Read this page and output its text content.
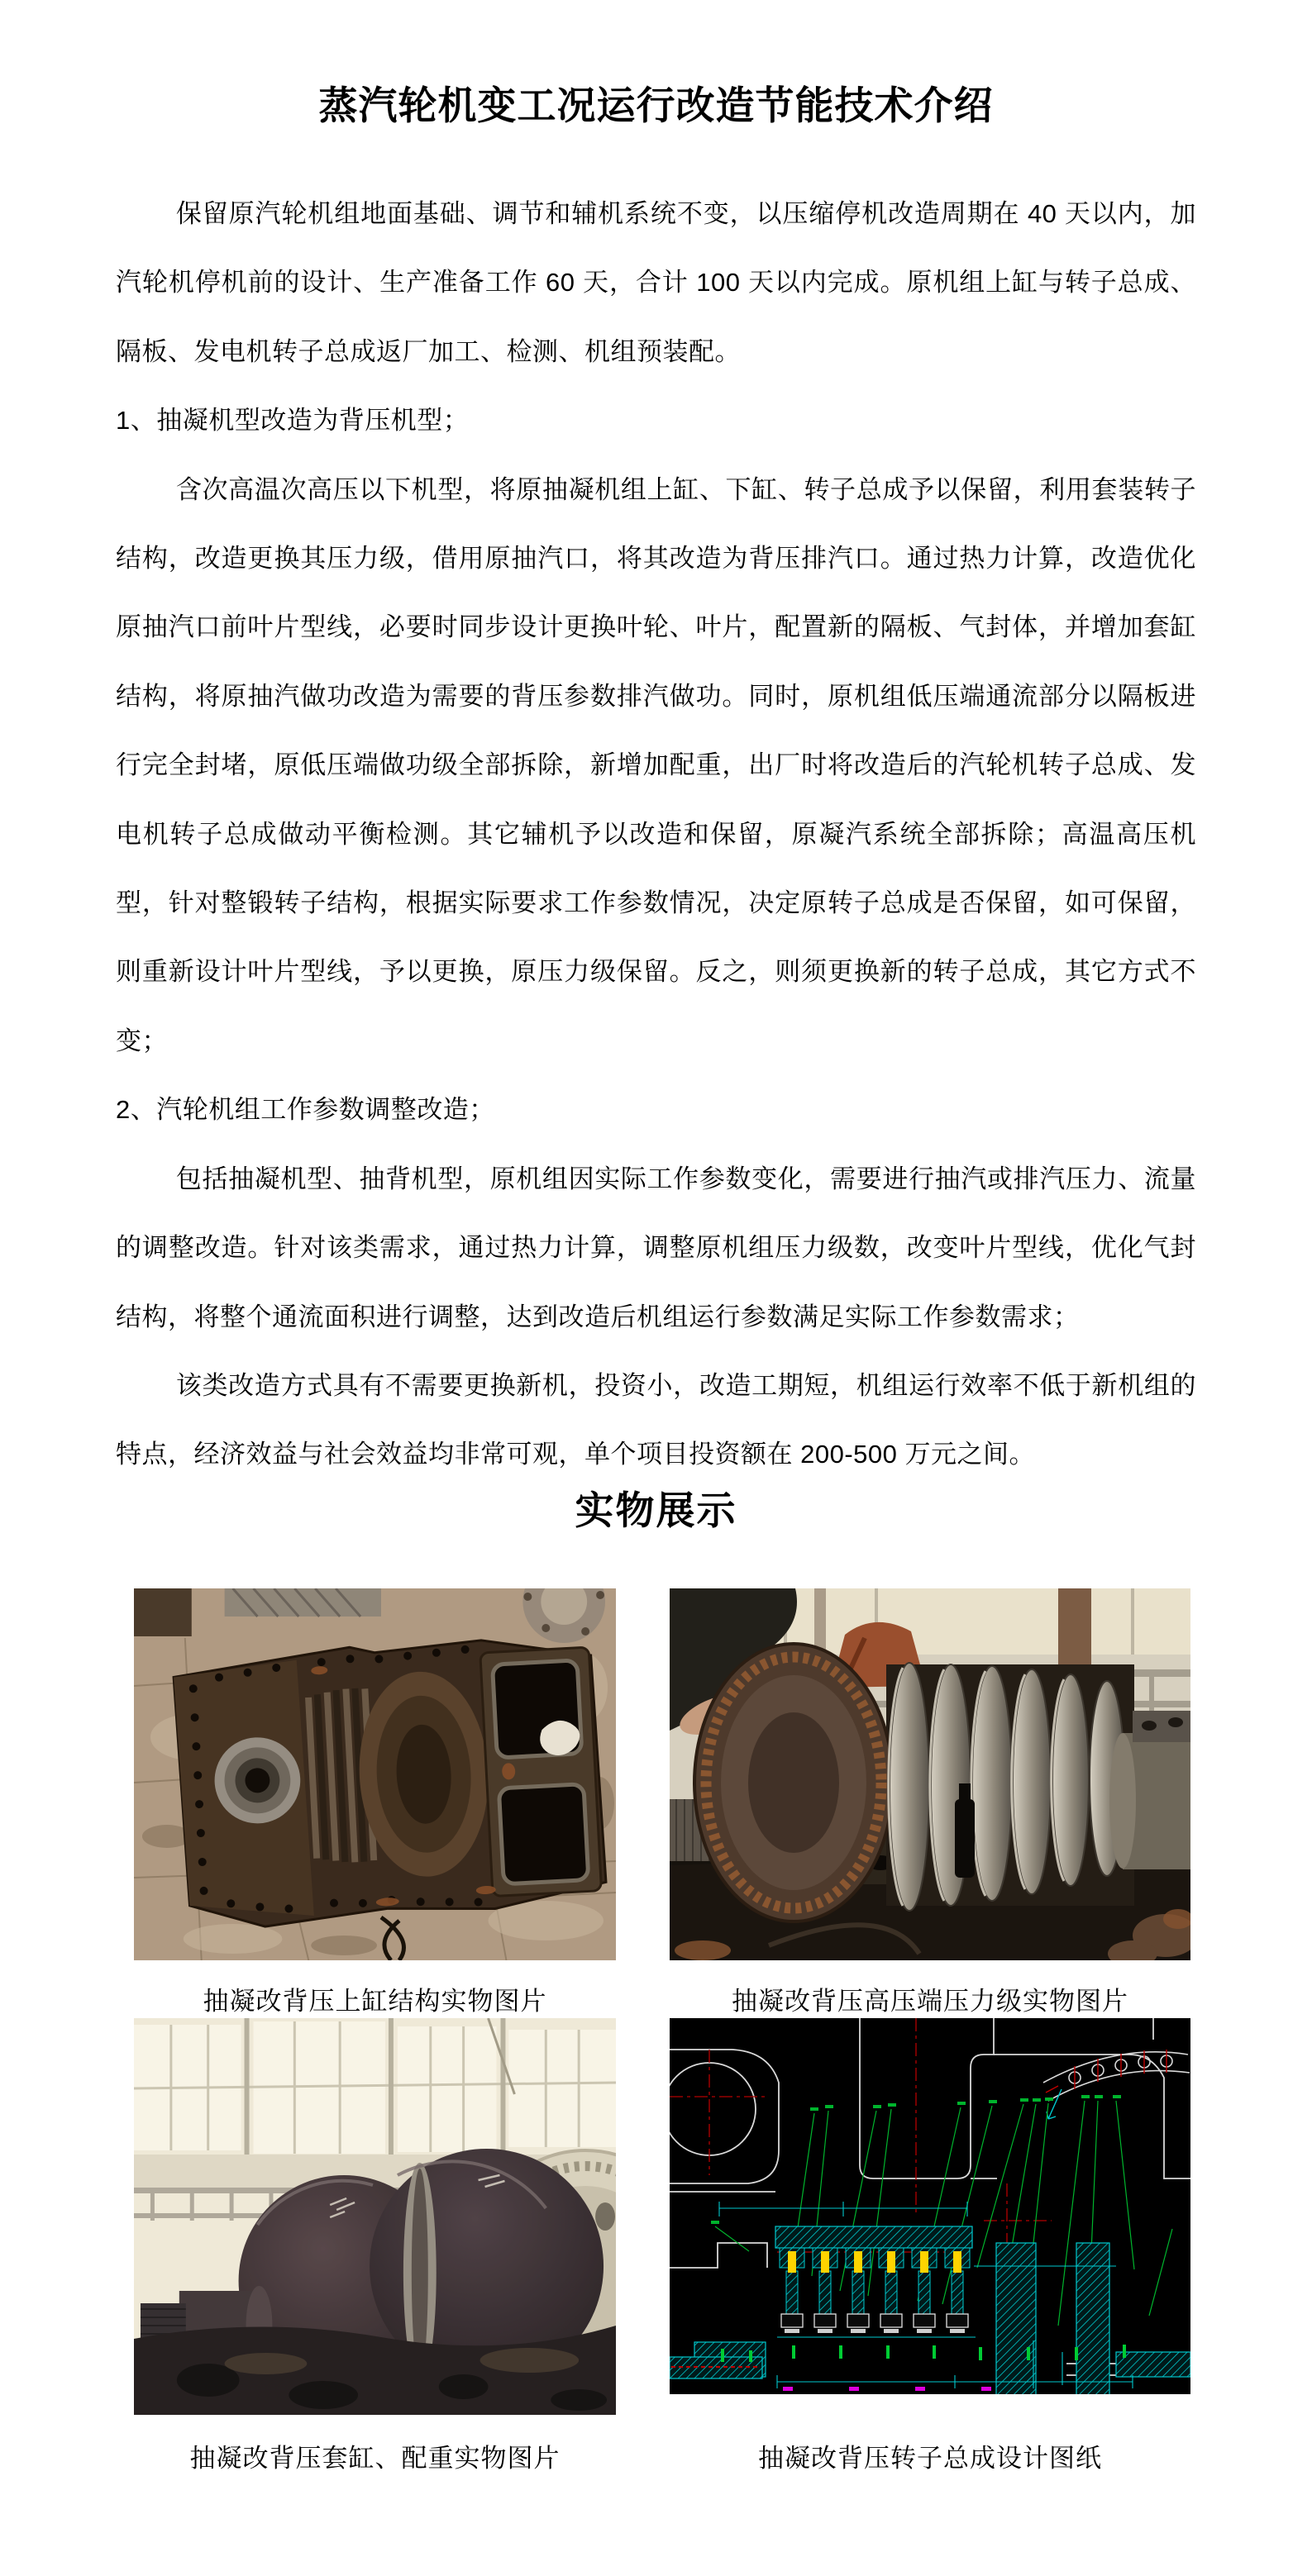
蒸汽轮机变工况运行改造节能技术介绍

保留原汽轮机组地面基础、调节和辅机系统不变，以压缩停机改造周期在 40 天以内，加汽轮机停机前的设计、生产准备工作 60 天，合计 100 天以内完成。原机组上缸与转子总成、隔板、发电机转子总成返厂加工、检测、机组预装配。

1、抽凝机型改造为背压机型；

含次高温次高压以下机型，将原抽凝机组上缸、下缸、转子总成予以保留，利用套装转子结构，改造更换其压力级，借用原抽汽口，将其改造为背压排汽口。通过热力计算，改造优化原抽汽口前叶片型线，必要时同步设计更换叶轮、叶片，配置新的隔板、气封体，并增加套缸结构，将原抽汽做功改造为需要的背压参数排汽做功。同时，原机组低压端通流部分以隔板进行完全封堵，原低压端做功级全部拆除，新增加配重，出厂时将改造后的汽轮机转子总成、发电机转子总成做动平衡检测。其它辅机予以改造和保留，原凝汽系统全部拆除；高温高压机型，针对整锻转子结构，根据实际要求工作参数情况，决定原转子总成是否保留，如可保留，则重新设计叶片型线，予以更换，原压力级保留。反之，则须更换新的转子总成，其它方式不变；

2、汽轮机组工作参数调整改造；

包括抽凝机型、抽背机型，原机组因实际工作参数变化，需要进行抽汽或排汽压力、流量的调整改造。针对该类需求，通过热力计算，调整原机组压力级数，改变叶片型线，优化气封结构，将整个通流面积进行调整，达到改造后机组运行参数满足实际工作参数需求；

该类改造方式具有不需要更换新机，投资小，改造工期短，机组运行效率不低于新机组的特点，经济效益与社会效益均非常可观，单个项目投资额在 200-500 万元之间。

实物展示
抽凝改背压上缸结构实物图片	抽凝改背压高压端压力级实物图片
抽凝改背压套缸、配重实物图片	抽凝改背压转子总成设计图纸
